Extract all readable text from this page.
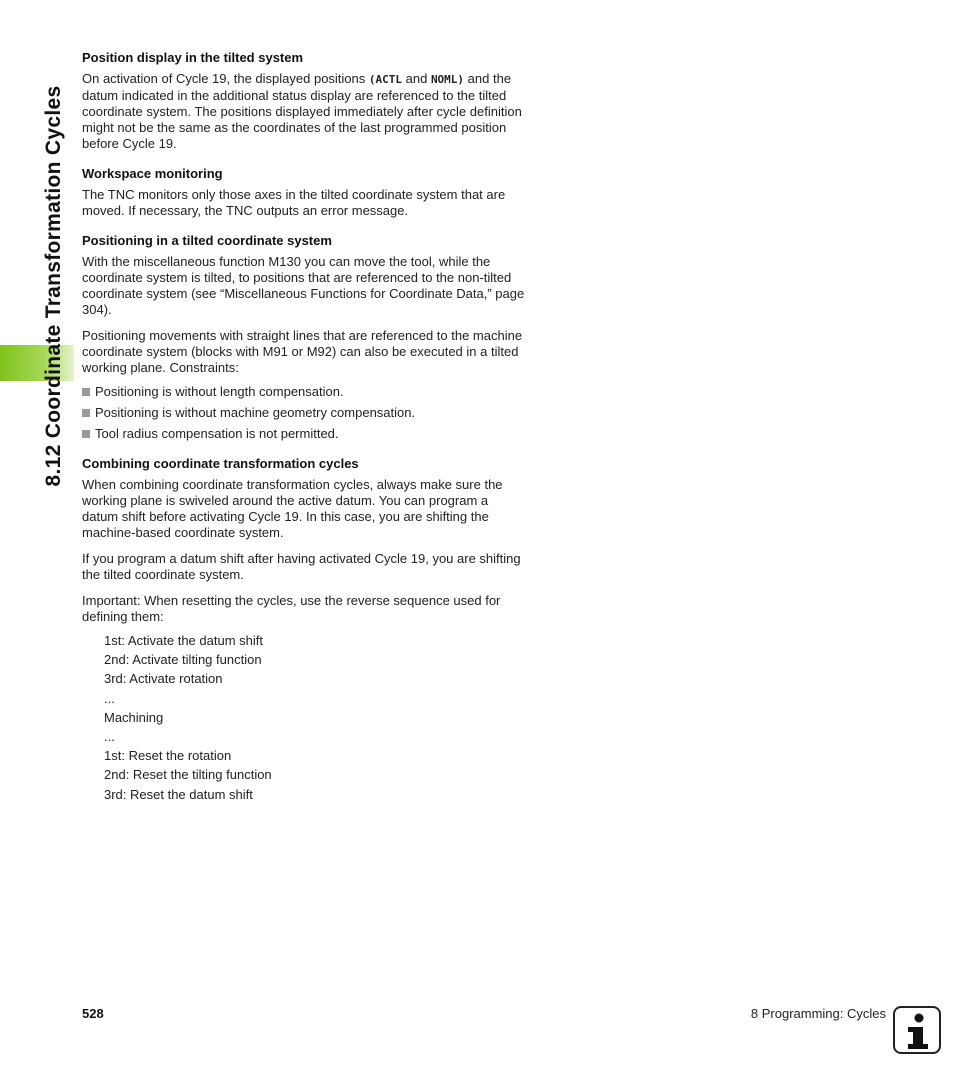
8.12 Coordinate Transformation Cycles
Position display in the tilted system

On activation of Cycle 19, the displayed positions (ACTL and NOML) and the datum indicated in the additional status display are referenced to the tilted coordinate system. The positions displayed immediately after cycle definition might not be the same as the coordinates of the last programmed position before Cycle 19.

Workspace monitoring

The TNC monitors only those axes in the tilted coordinate system that are moved. If necessary, the TNC outputs an error message.

Positioning in a tilted coordinate system

With the miscellaneous function M130 you can move the tool, while the coordinate system is tilted, to positions that are referenced to the non-tilted coordinate system (see “Miscellaneous Functions for Coordinate Data,” page 304).

Positioning movements with straight lines that are referenced to the machine coordinate system (blocks with M91 or M92) can also be executed in a tilted working plane. Constraints:

Positioning is without length compensation.
Positioning is without machine geometry compensation.
Tool radius compensation is not permitted.
Combining coordinate transformation cycles

When combining coordinate transformation cycles, always make sure the working plane is swiveled around the active datum. You can program a datum shift before activating Cycle 19. In this case, you are shifting the machine-based coordinate system.

If you program a datum shift after having activated Cycle 19, you are shifting the tilted coordinate system.

Important: When resetting the cycles, use the reverse sequence used for defining them:

1st: Activate the datum shift
2nd: Activate tilting function
3rd: Activate rotation
...
Machining
...
1st: Reset the rotation
2nd: Reset the tilting function
3rd: Reset the datum shift
528	8 Programming: Cycles
